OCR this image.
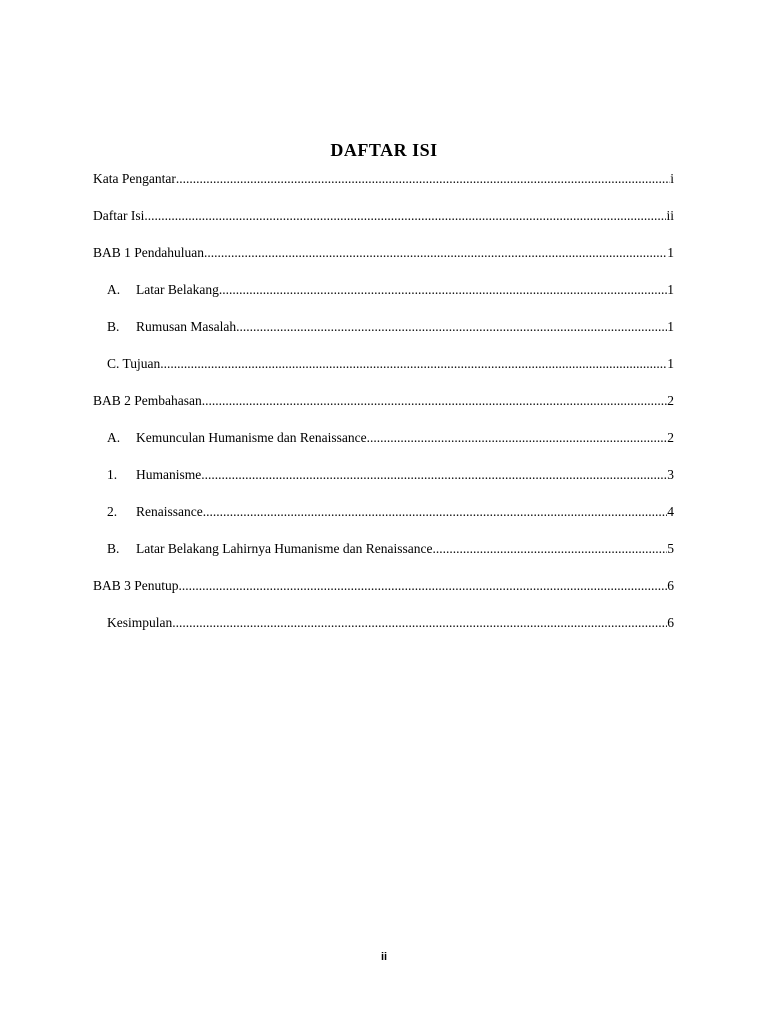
DAFTAR ISI
Kata Pengantar .....	i
Daftar Isi .....	ii
BAB 1 Pendahuluan .....	1
A.	Latar Belakang .....	1
B.	Rumusan Masalah .....	1
C. Tujuan .....	1
BAB 2 Pembahasan .....	2
A.	Kemunculan Humanisme dan Renaissance .....	2
1.	Humanisme .....	3
2.	Renaissance .....	4
B.	Latar Belakang Lahirnya Humanisme dan Renaissance .....	5
BAB 3 Penutup .....	6
Kesimpulan .....	6
ii
